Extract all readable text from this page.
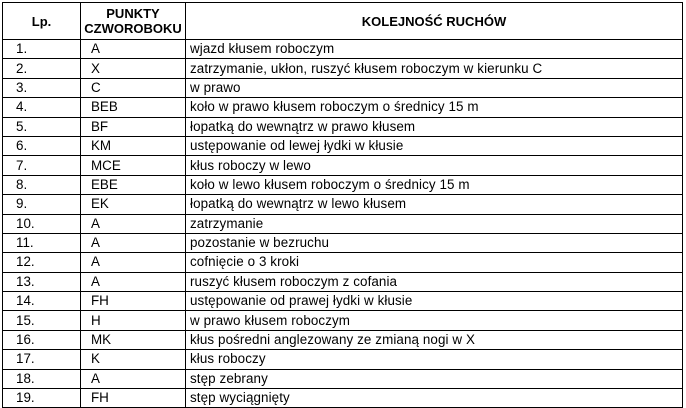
Lp.	PUNKTY CZWOROBOKU	KOLEJNOŚĆ RUCHÓW
1.	A	wjazd kłusem roboczym
2.	X	zatrzymanie, ukłon, ruszyć kłusem roboczym w kierunku C
3.	C	w prawo
4.	BEB	koło w prawo kłusem roboczym o średnicy 15 m
5.	BF	łopatką do wewnątrz w prawo kłusem
6.	KM	ustępowanie od lewej łydki w kłusie
7.	MCE	kłus roboczy w lewo
8.	EBE	koło w lewo kłusem roboczym o średnicy 15 m
9.	EK	łopatką do wewnątrz w lewo kłusem
10.	A	zatrzymanie
11.	A	pozostanie w bezruchu
12.	A	cofnięcie o 3 kroki
13.	A	ruszyć kłusem roboczym z cofania
14.	FH	ustępowanie od prawej łydki w kłusie
15.	H	w prawo kłusem roboczym
16.	MK	kłus pośredni anglezowany ze zmianą nogi w X
17.	K	kłus roboczy
18.	A	stęp zebrany
19.	FH	stęp wyciągnięty
